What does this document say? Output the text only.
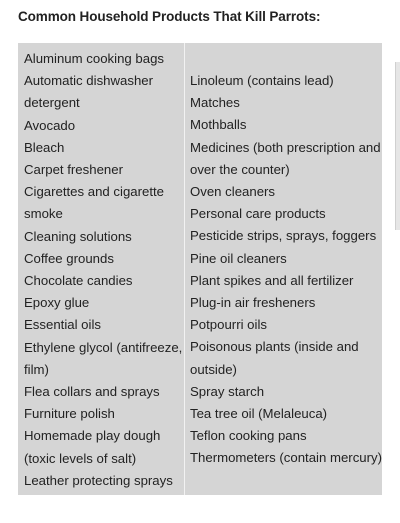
Common Household Products That Kill Parrots:
Aluminum cooking bags
Automatic dishwasher
detergent
Avocado
Bleach
Carpet freshener
Cigarettes and cigarette
smoke
Cleaning solutions
Coffee grounds
Chocolate candies
Epoxy glue
Essential oils
Ethylene glycol (antifreeze,
film)
Flea collars and sprays
Furniture polish
Homemade play dough
(toxic levels of salt)
Leather protecting sprays
Linoleum (contains lead)
Matches
Mothballs
Medicines (both prescription and
over the counter)
Oven cleaners
Personal care products
Pesticide strips, sprays, foggers
Pine oil cleaners
Plant spikes and all fertilizer
Plug-in air fresheners
Potpourri oils
Poisonous plants (inside and
outside)
Spray starch
Tea tree oil (Melaleuca)
Teflon cooking pans
Thermometers (contain mercury)
